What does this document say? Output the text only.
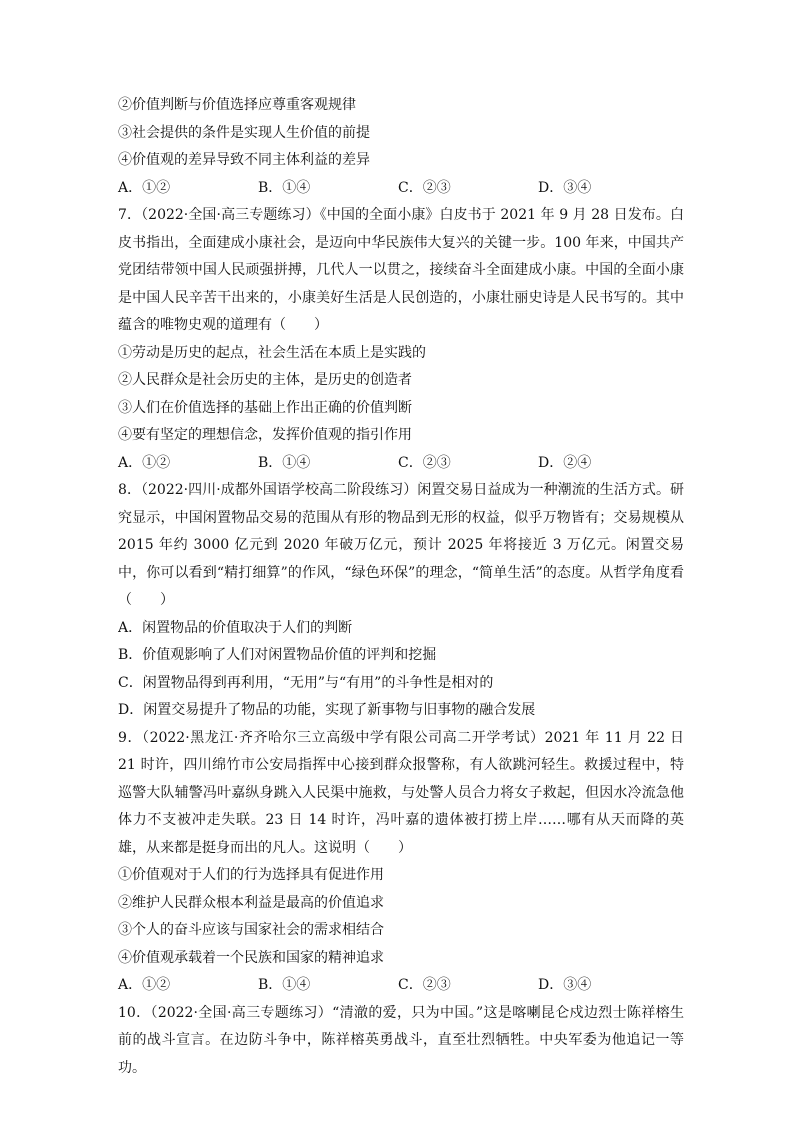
②价值判断与价值选择应尊重客观规律
③社会提供的条件是实现人生价值的前提
④价值观的差异导致不同主体利益的差异
A．①②	B．①④	C．②③	D．③④
7．（2022·全国·高三专题练习）《中国的全面小康》白皮书于 2021 年 9 月 28 日发布。白皮书指出，全面建成小康社会，是迈向中华民族伟大复兴的关键一步。100 年来，中国共产党团结带领中国人民顽强拼搏，几代人一以贯之，接续奋斗全面建成小康。中国的全面小康是中国人民辛苦干出来的，小康美好生活是人民创造的，小康壮丽史诗是人民书写的。其中蕴含的唯物史观的道理有（　　）
①劳动是历史的起点，社会生活在本质上是实践的
②人民群众是社会历史的主体，是历史的创造者
③人们在价值选择的基础上作出正确的价值判断
④要有坚定的理想信念，发挥价值观的指引作用
A．①②	B．①④	C．②③	D．②④
8．（2022·四川·成都外国语学校高二阶段练习）闲置交易日益成为一种潮流的生活方式。研究显示，中国闲置物品交易的范围从有形的物品到无形的权益，似乎万物皆有；交易规模从 2015 年约 3000 亿元到 2020 年破万亿元，预计 2025 年将接近 3 万亿元。闲置交易中，你可以看到“精打细算”的作风，“绿色环保”的理念，“简单生活”的态度。从哲学角度看（　　）
A．闲置物品的价值取决于人们的判断
B．价值观影响了人们对闲置物品价值的评判和挖掘
C．闲置物品得到再利用，“无用”与“有用”的斗争性是相对的
D．闲置交易提升了物品的功能，实现了新事物与旧事物的融合发展
9．（2022·黑龙江·齐齐哈尔三立高级中学有限公司高二开学考试）2021 年 11 月 22 日 21 时许，四川绵竹市公安局指挥中心接到群众报警称，有人欲跳河轻生。救援过程中，特巡警大队辅警冯叶嘉纵身跳入人民渠中施救，与处警人员合力将女子救起，但因水冷流急他体力不支被冲走失联。23 日 14 时许，冯叶嘉的遗体被打捞上岸……哪有从天而降的英雄，从来都是挺身而出的凡人。这说明（　　）
①价值观对于人们的行为选择具有促进作用
②维护人民群众根本利益是最高的价值追求
③个人的奋斗应该与国家社会的需求相结合
④价值观承载着一个民族和国家的精神追求
A．①②	B．①④	C．②③	D．③④
10．（2022·全国·高三专题练习）“清澈的爱，只为中国。”这是喀喇昆仑戍边烈士陈祥榕生前的战斗宣言。在边防斗争中，陈祥榕英勇战斗，直至壮烈牺牲。中央军委为他追记一等功。
